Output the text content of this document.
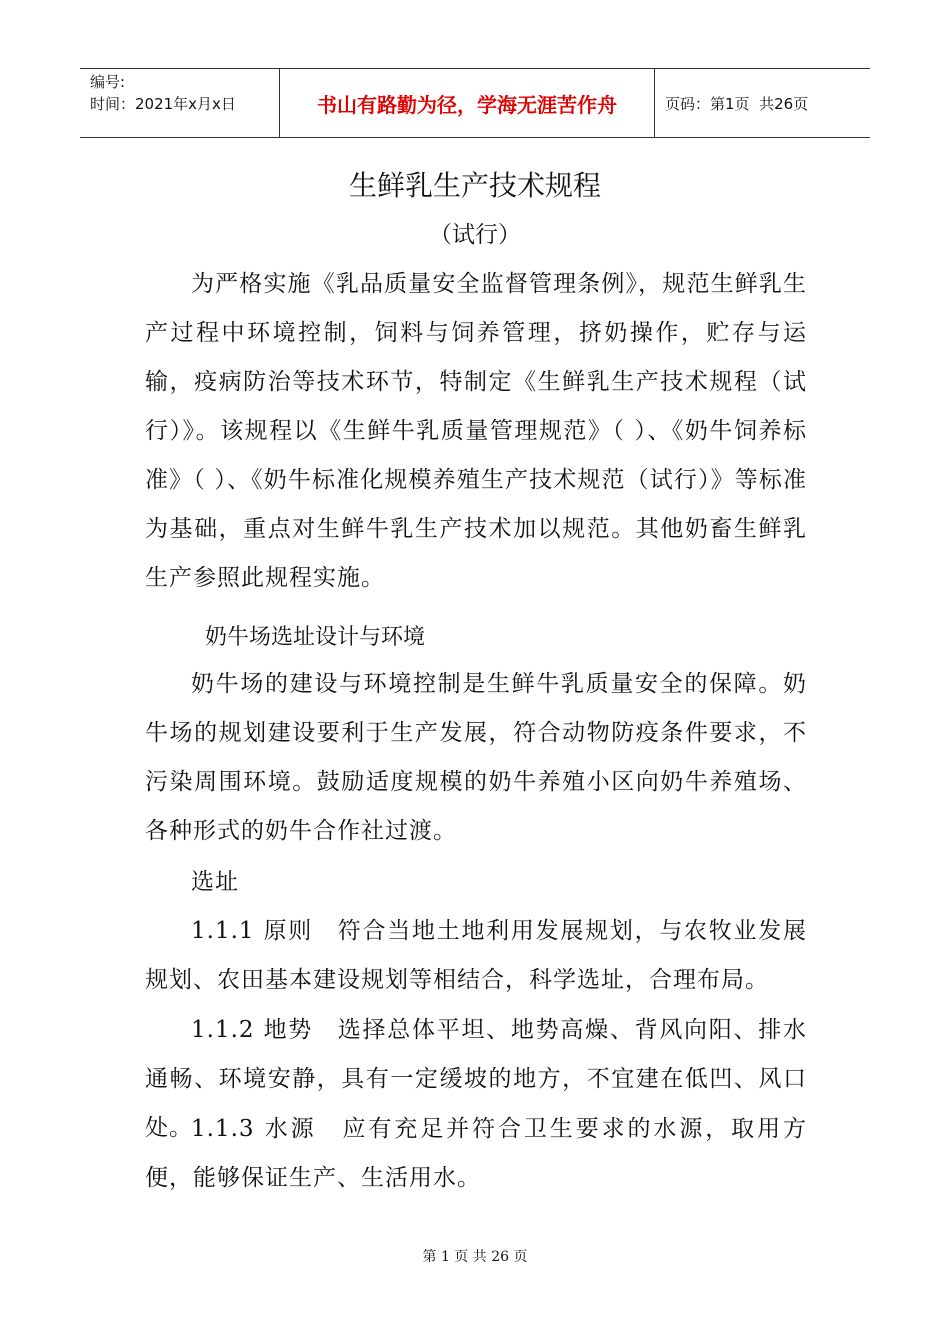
编号:
时间：2021年x月x日	书山有路勤为径，学海无涯苦作舟	页码：第1页  共26页
生鲜乳生产技术规程
（试行）

为严格实施《乳品质量安全监督管理条例》，规范生鲜乳生产过程中环境控制，饲料与饲养管理，挤奶操作，贮存与运输，疫病防治等技术环节，特制定《生鲜乳生产技术规程（试行）》。该规程以《生鲜牛乳质量管理规范》（ ）、《奶牛饲养标准》（ ）、《奶牛标准化规模养殖生产技术规范（试行）》等标准为基础，重点对生鲜牛乳生产技术加以规范。其他奶畜生鲜乳生产参照此规程实施。

奶牛场选址设计与环境

奶牛场的建设与环境控制是生鲜牛乳质量安全的保障。奶牛场的规划建设要利于生产发展，符合动物防疫条件要求，不污染周围环境。鼓励适度规模的奶牛养殖小区向奶牛养殖场、各种形式的奶牛合作社过渡。

选址

1.1.1 原则　符合当地土地利用发展规划，与农牧业发展规划、农田基本建设规划等相结合，科学选址，合理布局。

1.1.2 地势　选择总体平坦、地势高燥、背风向阳、排水通畅、环境安静，具有一定缓坡的地方，不宜建在低凹、风口处。

1.1.3 水源　应有充足并符合卫生要求的水源，取用方便，能够保证生产、生活用水。

第 1 页 共 26 页
